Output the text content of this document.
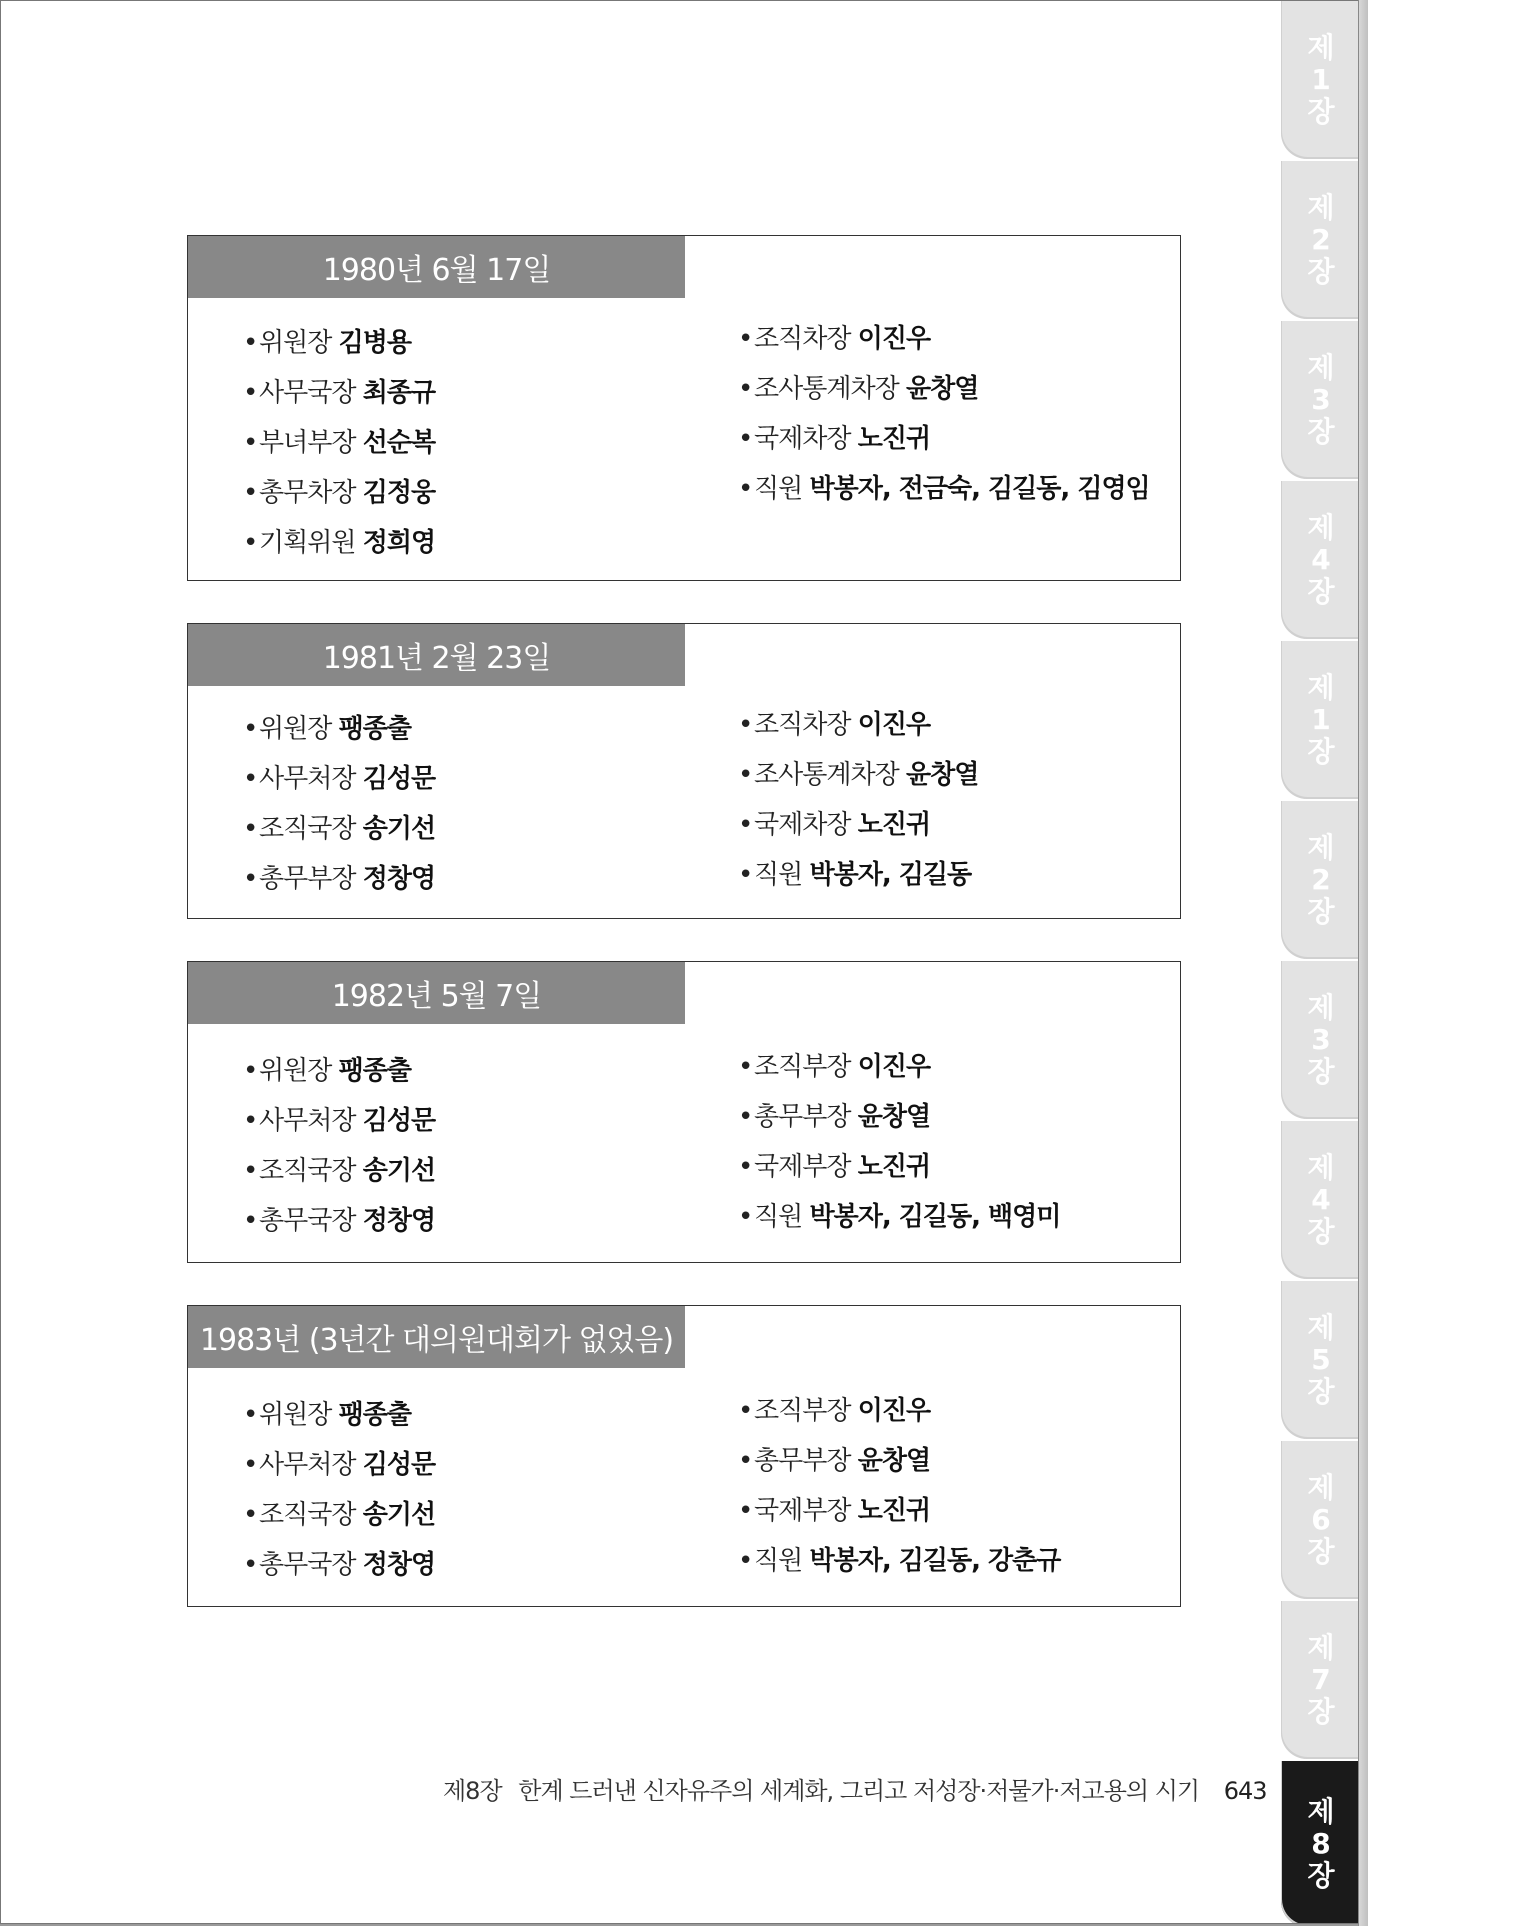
1980년 6월 17일
•위원장 김병용
•사무국장 최종규
•부녀부장 선순복
•총무차장 김정웅
•기획위원 정희영
•조직차장 이진우
•조사통계차장 윤창열
•국제차장 노진귀
•직원 박봉자, 전금숙, 김길동, 김영임
1981년 2월 23일
•위원장 팽종출
•사무처장 김성문
•조직국장 송기선
•총무부장 정창영
•조직차장 이진우
•조사통계차장 윤창열
•국제차장 노진귀
•직원 박봉자, 김길동
1982년 5월 7일
•위원장 팽종출
•사무처장 김성문
•조직국장 송기선
•총무국장 정창영
•조직부장 이진우
•총무부장 윤창열
•국제부장 노진귀
•직원 박봉자, 김길동, 백영미
1983년 (3년간 대의원대회가 없었음)
•위원장 팽종출
•사무처장 김성문
•조직국장 송기선
•총무국장 정창영
•조직부장 이진우
•총무부장 윤창열
•국제부장 노진귀
•직원 박봉자, 김길동, 강춘규
제
1
장
제
2
장
제
3
장
제
4
장
제
1
장
제
2
장
제
3
장
제
4
장
제
5
장
제
6
장
제
7
장
제
8
장
제8장 한계 드러낸 신자유주의 세계화, 그리고 저성장·저물가·저고용의 시기 643
